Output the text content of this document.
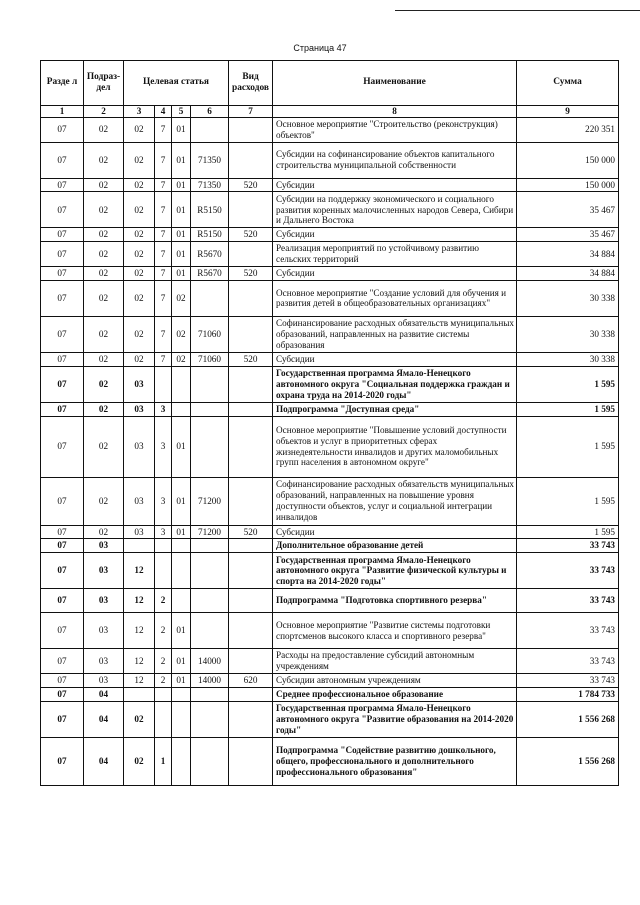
Страница 47
Разде л	Подраз- дел	Целевая статья				Вид расходов	Наименование	Сумма
1	2	3	4	5	6	7	8	9
07	02	02	7	01			Основное мероприятие "Строительство (реконструкция) объектов"	220 351
07	02	02	7	01	71350		Субсидии на софинансирование объектов капитального строительства муниципальной собственности	150 000
07	02	02	7	01	71350	520	Субсидии	150 000
07	02	02	7	01	R5150		Субсидии на поддержку экономического и социального развития коренных малочисленных народов Севера, Сибири и Дальнего Востока	35 467
07	02	02	7	01	R5150	520	Субсидии	35 467
07	02	02	7	01	R5670		Реализация мероприятий по устойчивому развитию сельских территорий	34 884
07	02	02	7	01	R5670	520	Субсидии	34 884
07	02	02	7	02			Основное мероприятие "Создание условий для обучения и развития детей в общеобразовательных организациях"	30 338
07	02	02	7	02	71060		Софинансирование расходных обязательств муниципальных образований, направленных на развитие системы образования	30 338
07	02	02	7	02	71060	520	Субсидии	30 338
07	02	03					Государственная программа Ямало-Ненецкого автономного округа "Социальная поддержка граждан и охрана труда на 2014-2020 годы"	1 595
07	02	03	3				Подпрограмма "Доступная среда"	1 595
07	02	03	3	01			Основное мероприятие "Повышение условий доступности объектов и услуг в приоритетных сферах жизнедеятельности инвалидов и других маломобильных групп населения в автономном округе"	1 595
07	02	03	3	01	71200		Софинансирование расходных обязательств муниципальных образований, направленных на повышение уровня доступности объектов, услуг и социальной интеграции инвалидов	1 595
07	02	03	3	01	71200	520	Субсидии	1 595
07	03						Дополнительное образование детей	33 743
07	03	12					Государственная программа Ямало-Ненецкого автономного округа "Развитие физической культуры и спорта на 2014-2020 годы"	33 743
07	03	12	2				Подпрограмма "Подготовка спортивного резерва"	33 743
07	03	12	2	01			Основное мероприятие "Развитие системы подготовки спортсменов высокого класса и спортивного резерва"	33 743
07	03	12	2	01	14000		Расходы на предоставление субсидий автономным учреждениям	33 743
07	03	12	2	01	14000	620	Субсидии автономным учреждениям	33 743
07	04						Среднее профессиональное образование	1 784 733
07	04	02					Государственная программа Ямало-Ненецкого автономного округа "Развитие образования на 2014-2020 годы"	1 556 268
07	04	02	1				Подпрограмма "Содействие развитию дошкольного, общего, профессионального и дополнительного профессионального образования"	1 556 268
